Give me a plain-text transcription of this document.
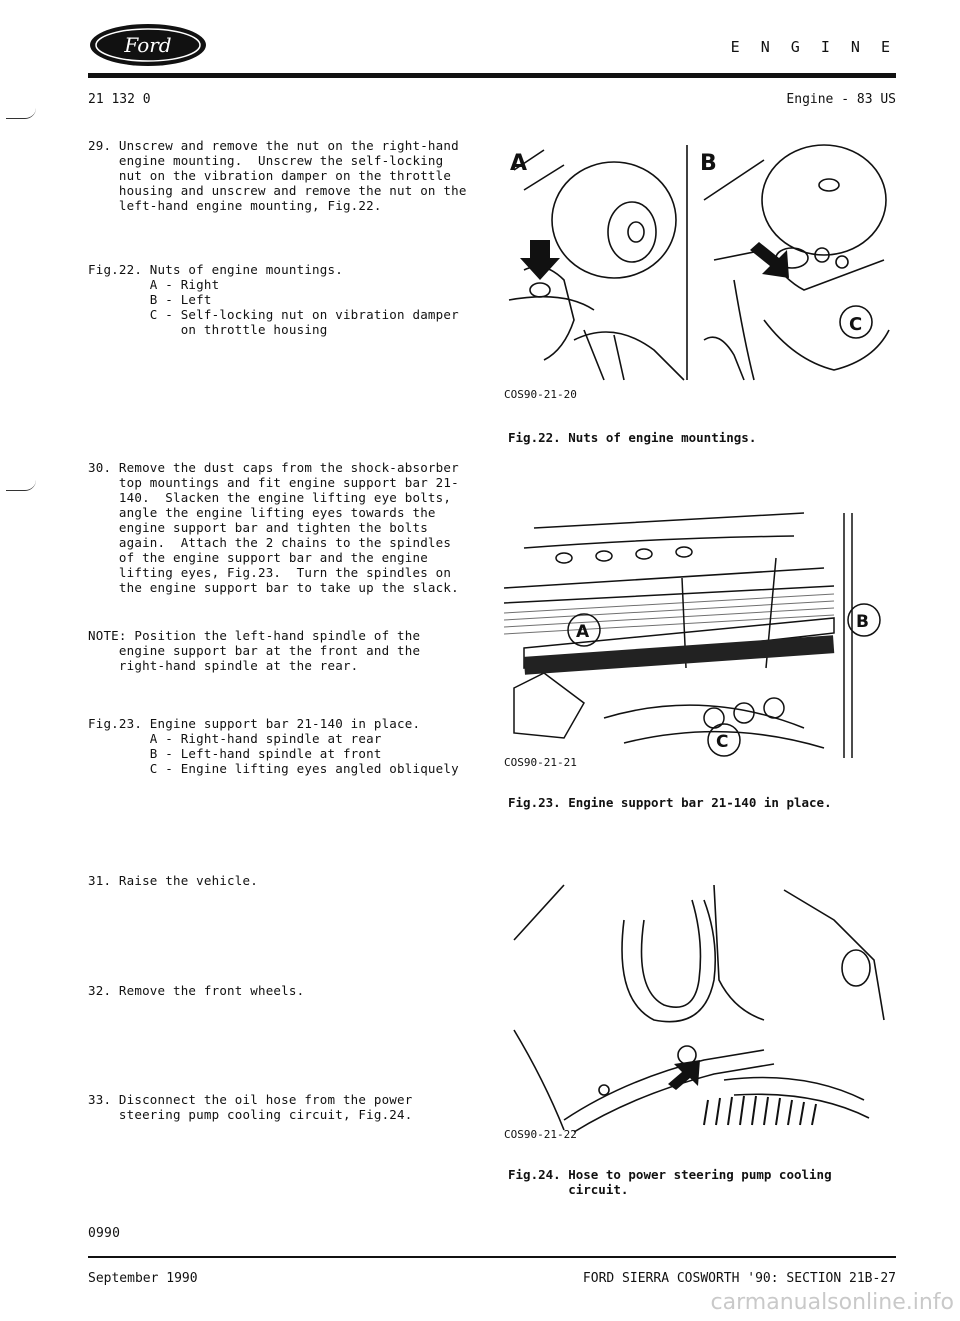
Ford	E N G I N E
21 132 0	Engine - 83 US
29. Unscrew and remove the nut on the right-hand
engine mounting.  Unscrew the self-locking
nut on the vibration damper on the throttle
housing and unscrew and remove the nut on the
left-hand engine mounting, Fig.22.
Fig.22. Nuts of engine mountings.
A - Right
B - Left
C - Self-locking nut on vibration damper
on throttle housing
30. Remove the dust caps from the shock-absorber
top mountings and fit engine support bar 21-
140.  Slacken the engine lifting eye bolts,
angle the engine lifting eyes towards the
engine support bar and tighten the bolts
again.  Attach the 2 chains to the spindles
of the engine support bar and the engine
lifting eyes, Fig.23.  Turn the spindles on
the engine support bar to take up the slack.
NOTE: Position the left-hand spindle of the
engine support bar at the front and the
right-hand spindle at the rear.
Fig.23. Engine support bar 21-140 in place.
A - Right-hand spindle at rear
B - Left-hand spindle at front
C - Engine lifting eyes angled obliquely
31. Raise the vehicle.
32. Remove the front wheels.
33. Disconnect the oil hose from the power
steering pump cooling circuit, Fig.24.
0990
A	B
C
COS90-21-20
Fig.22. Nuts of engine mountings.
A	B
C
COS90-21-21
Fig.23. Engine support bar 21-140 in place.
COS90-21-22
Fig.24. Hose to power steering pump cooling
circuit.
September 1990	FORD SIERRA COSWORTH '90: SECTION 21B-27
carmanualsonline.info
